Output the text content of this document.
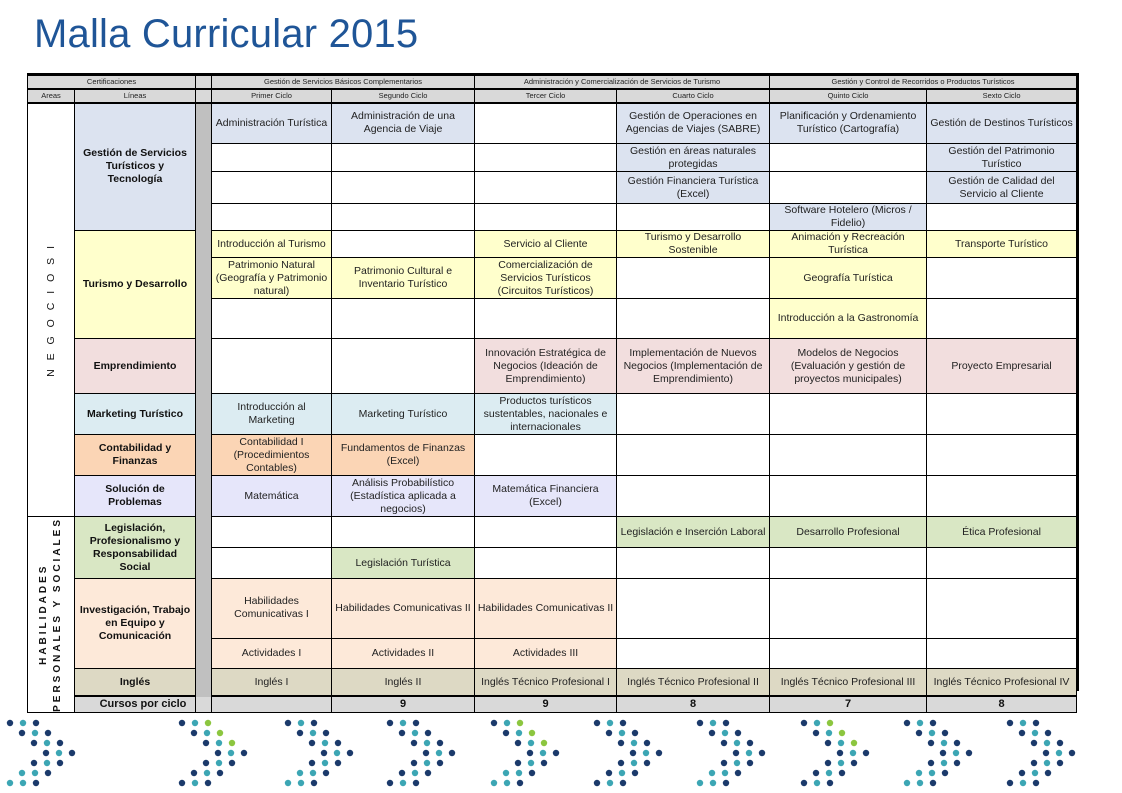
Malla Curricular 2015
Certificaciones			Gestión de Servicios Básicos Complementarios		Administración y Comercialización de Servicios de Turismo		Gestión y Control de Recorridos o Productos Turísticos		
Areas	Líneas		Primer Ciclo	Segundo Ciclo	Tercer Ciclo	Cuarto Ciclo	Quinto Ciclo	Sexto Ciclo	

N E G O C I O S I	Gestión de Servicios Turísticos y Tecnología		Administración Turística	Administración de una Agencia de Viaje		Gestión de Operaciones en Agencias de Viajes (SABRE)	Planificación y Ordenamiento Turístico (Cartografía)	Gestión de Destinos Turísticos	
						Gestión en áreas naturales protegidas		Gestión del Patrimonio Turístico	
						Gestión Financiera Turística (Excel)		Gestión de Calidad del Servicio al Cliente	
							Software Hotelero (Micros / Fidelio)		
	Turismo y Desarrollo		Introducción al Turismo		Servicio al Cliente	Turismo y Desarrollo Sostenible	Animación y Recreación Turística	Transporte Turístico	
			Patrimonio Natural (Geografía y Patrimonio natural)	Patrimonio Cultural e Inventario Turístico	Comercialización de Servicios Turísticos (Circuitos Turísticos)		Geografía Turística		
							Introducción a la Gastronomía		
	Emprendimiento				Innovación Estratégica de Negocios (Ideación de Emprendimiento)	Implementación de Nuevos Negocios (Implementación de Emprendimiento)	Modelos de Negocios (Evaluación y gestión de proyectos municipales)	Proyecto Empresarial	
	Marketing Turístico		Introducción al Marketing	Marketing Turístico	Productos turísticos sustentables, nacionales e internacionales				
	Contabilidad y Finanzas		Contabilidad I (Procedimientos Contables)	Fundamentos de Finanzas (Excel)					
	Solución de Problemas		Matemática	Análisis Probabilístico (Estadística aplicada a negocios)	Matemática Financiera (Excel)				

HABILIDADES
PERSONALES Y SOCIALES	Legislación, Profesionalismo y Responsabilidad Social					Legislación e Inserción Laboral	Desarrollo Profesional	Ética Profesional	
				Legislación Turística					
	Investigación, Trabajo en Equipo y Comunicación		Habilidades Comunicativas I	Habilidades Comunicativas II	Habilidades Comunicativas II				
			Actividades I	Actividades II	Actividades III				
	Inglés		Inglés I	Inglés II	Inglés Técnico Profesional I	Inglés Técnico Profesional II	Inglés Técnico Profesional III	Inglés Técnico Profesional IV	
	Cursos por ciclo			9	9	8	7	8	
